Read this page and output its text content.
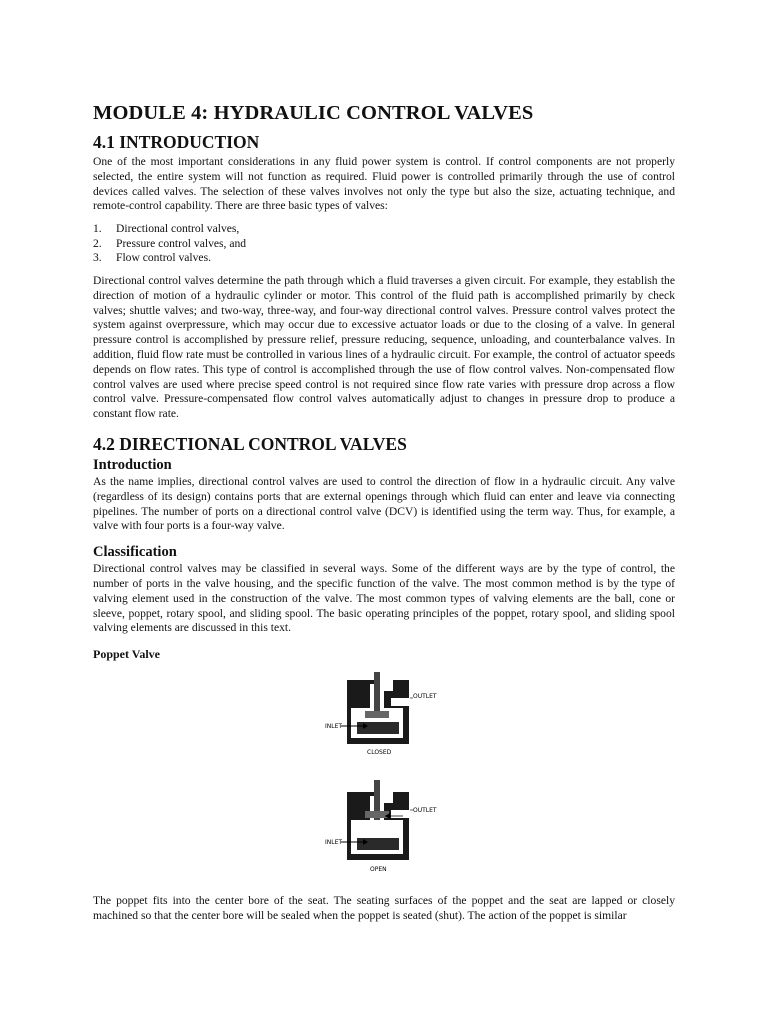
MODULE 4: HYDRAULIC CONTROL VALVES
4.1 INTRODUCTION

One of the most important considerations in any fluid power system is control. If control components are not properly selected, the entire system will not function as required. Fluid power is controlled primarily through the use of control devices called valves. The selection of these valves involves not only the type but also the size, actuating technique, and remote-control capability. There are three basic types of valves:

1.	Directional control valves,
2.	Pressure control valves, and
3.	Flow control valves.

Directional control valves determine the path through which a fluid traverses a given circuit. For example, they establish the direction of motion of a hydraulic cylinder or motor. This control of the fluid path is accomplished primarily by check valves; shuttle valves; and two-way, three-way, and four-way directional control valves. Pressure control valves protect the system against overpressure, which may occur due to excessive actuator loads or due to the closing of a valve. In general pressure control is accomplished by pressure relief, pressure reducing, sequence, unloading, and counterbalance valves. In addition, fluid flow rate must be controlled in various lines of a hydraulic circuit. For example, the control of actuator speeds depends on flow rates. This type of control is accomplished through the use of flow control valves. Non-compensated flow control valves are used where precise speed control is not required since flow rate varies with pressure drop across a flow control valve. Pressure-compensated flow control valves automatically adjust to changes in pressure drop to produce a constant flow rate.

4.2 DIRECTIONAL CONTROL VALVES
Introduction

As the name implies, directional control valves are used to control the direction of flow in a hydraulic circuit. Any valve (regardless of its design) contains ports that are external openings through which fluid can enter and leave via connecting pipelines. The number of ports on a directional control valve (DCV) is identified using the term way. Thus, for example, a valve with four ports is a four-way valve.

Classification

Directional control valves may be classified in several ways. Some of the different ways are by the type of control, the number of ports in the valve housing, and the specific function of the valve. The most common method is by the type of valving element used in the construction of the valve. The most common types of valving elements are the ball, cone or sleeve, poppet, rotary spool, and sliding spool. The basic operating principles of the poppet, rotary spool, and sliding spool valving elements are discussed in this text.

Poppet Valve
OUTLET
INLET
CLOSED
OUTLET
INLET
OPEN

The poppet fits into the center bore of the seat. The seating surfaces of the poppet and the seat are lapped or closely machined so that the center bore will be sealed when the poppet is seated (shut). The action of the poppet is similar
